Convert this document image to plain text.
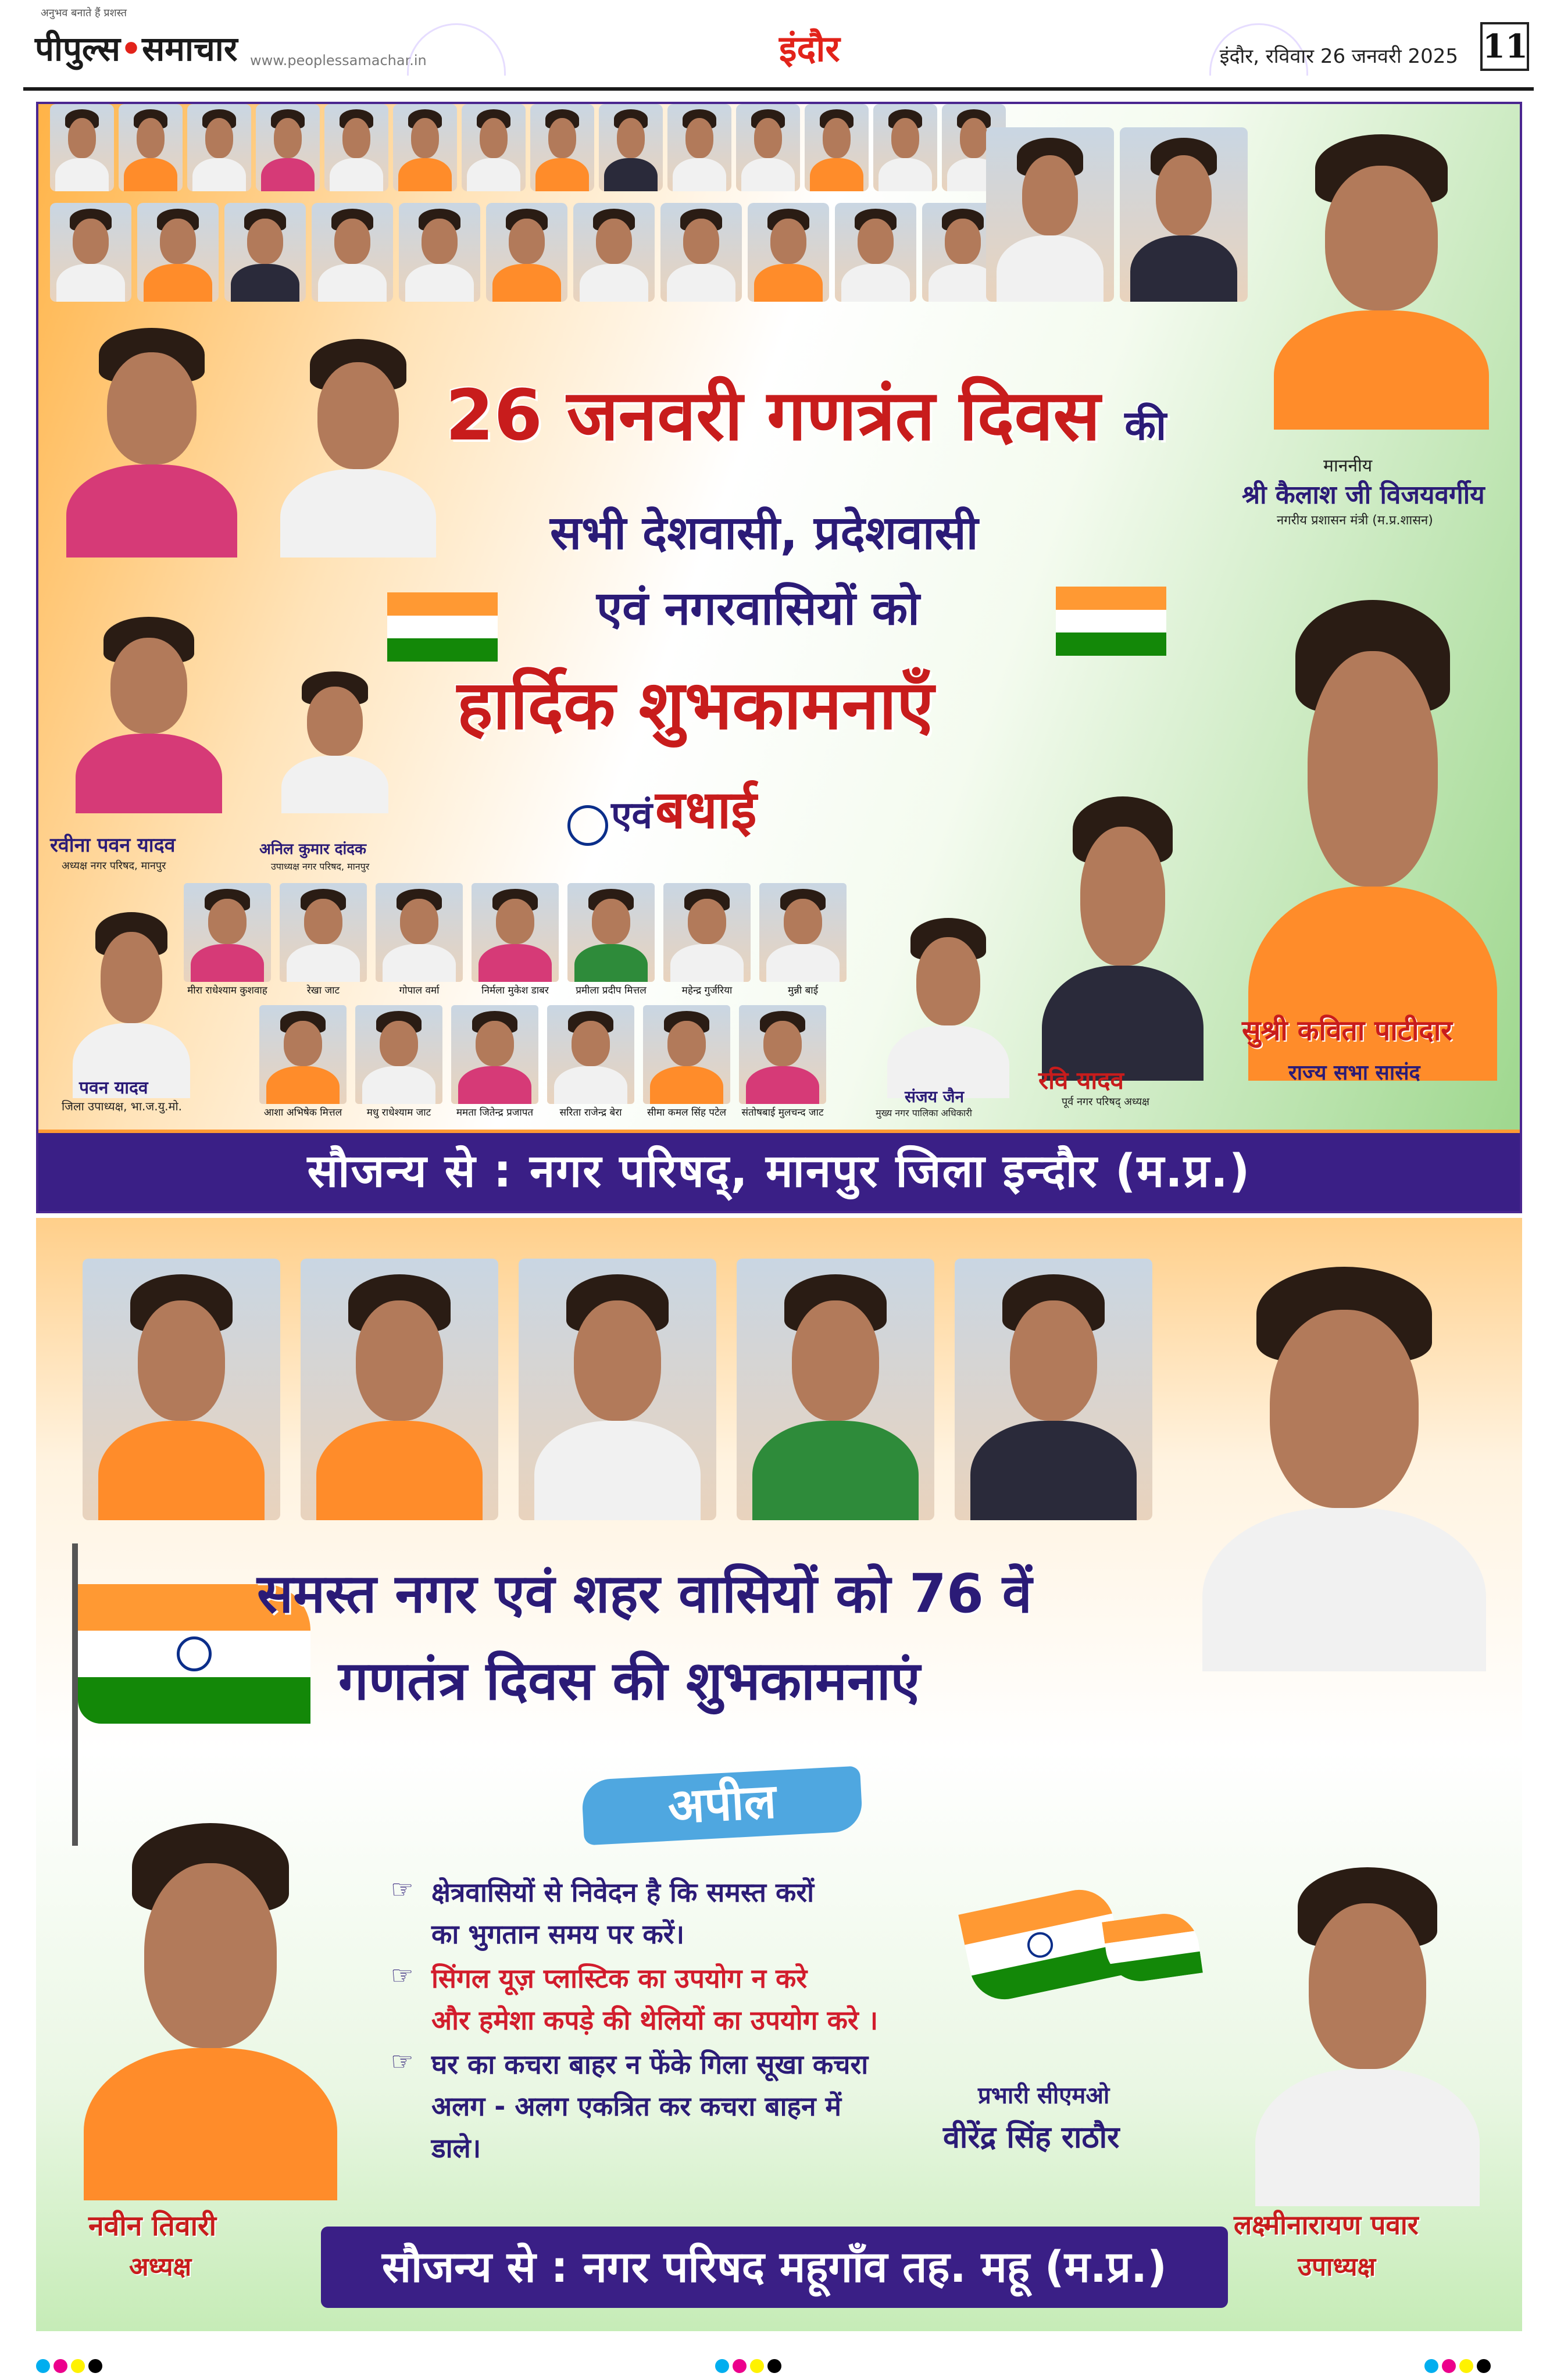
अनुभव बनाते हैं प्रशस्त
पीपुल्स•समाचार www.peoplessamachar.in	इंदौर	इंदौर, रविवार 26 जनवरी 2025 11
माननीय
श्री कैलाश जी विजयवर्गीय
नगरीय प्रशासन मंत्री (म.प्र.शासन)
26 जनवरी गणत्रंत दिवस की
सभी देशवासी, प्रदेशवासी
एवं नगरवासियों को
हार्दिक शुभकामनाएँ
एवं बधाई
रवीना पवन यादव
अध्यक्ष नगर परिषद, मानपुर
अनिल कुमार दांदक
उपाध्यक्ष नगर परिषद, मानपुर
पवन यादव
जिला उपाध्यक्ष, भा.ज.यु.मो.
मीरा राधेश्याम कुशवाह	रेखा जाट	गोपाल वर्मा	निर्मला मुकेश डाबर	प्रमीला प्रदीप मित्तल	महेन्द्र गुर्जरिया	मुन्नी बाई
आशा अभिषेक मित्तल	मधु राधेश्याम जाट	ममता जितेन्द्र प्रजापत	सरिता राजेन्द्र बेरा	सीमा कमल सिंह पटेल	संतोषबाई मुलचन्द जाट
संजय जैन
मुख्य नगर पालिका अधिकारी
रवि यादव
पूर्व नगर परिषद् अध्यक्ष
सुश्री कविता पाटीदार
राज्य सभा सासंद
सौजन्य से : नगर परिषद्, मानपुर जिला इन्दौर (म.प्र.)
समस्त नगर एवं शहर वासियों को 76 वें
गणतंत्र दिवस की शुभकामनाएं
अपील
☞ क्षेत्रवासियों से निवेदन है कि समस्त करों
का भुगतान समय पर करें।
☞ सिंगल यूज़ प्लास्टिक का उपयोग न करे
और हमेशा कपड़े की थेलियों का उपयोग करे ।
☞ घर का कचरा बाहर न फेंके गिला सूखा कचरा
अलग - अलग एकत्रित कर कचरा बाहन में
डाले।
प्रभारी सीएमओ
वीरेंद्र सिंह राठौर
नवीन तिवारी
अध्यक्ष
लक्ष्मीनारायण पवार
उपाध्यक्ष
सौजन्य से : नगर परिषद महूगाँव तह. महू (म.प्र.)
